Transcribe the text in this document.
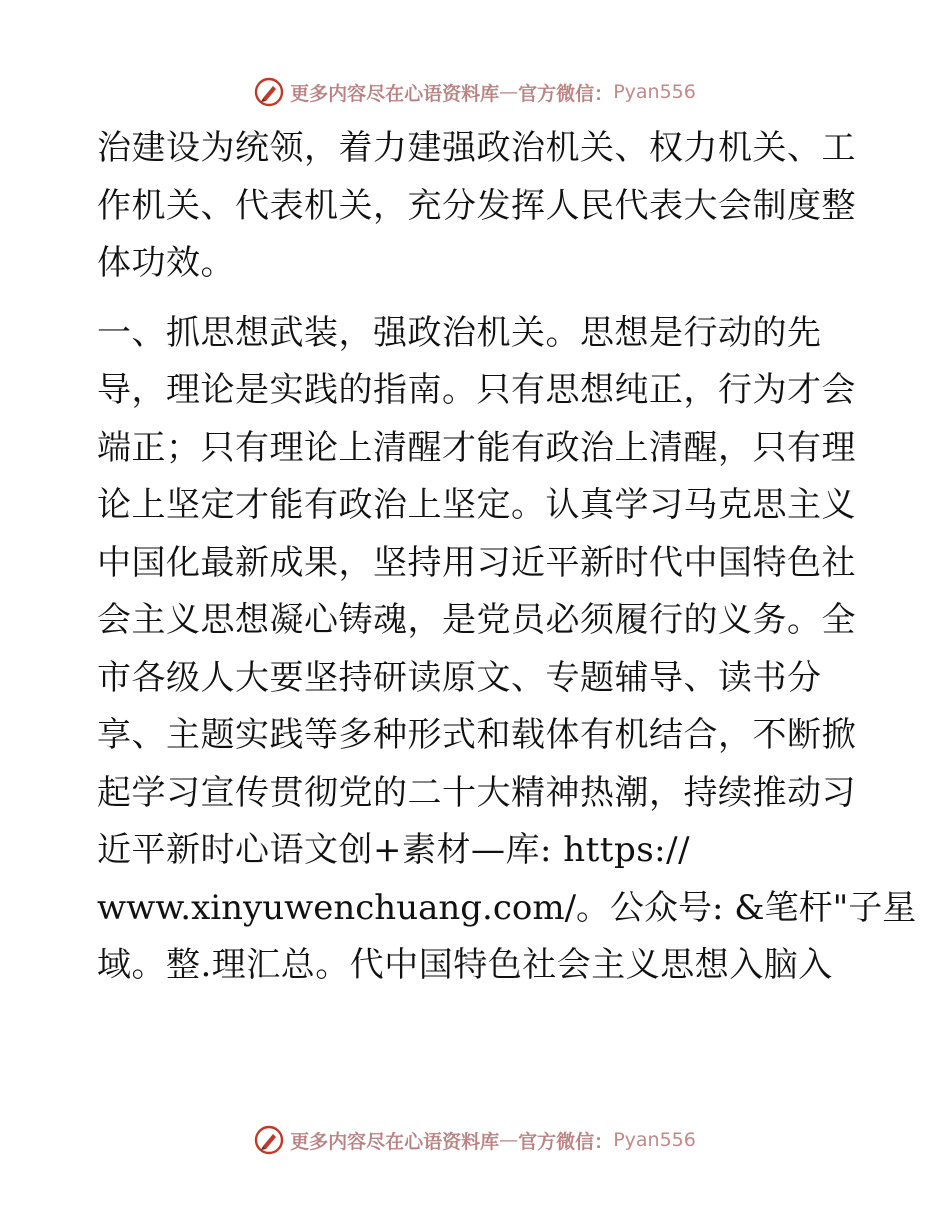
更多内容尽在心语资料库 — 官方微信： Pyan556
治建设为统领，着力建强政治机关、权力机关、工
作机关、代表机关，充分发挥人民代表大会制度整
体功效。
一、抓思想武装，强政治机关。思想是行动的先
导，理论是实践的指南。只有思想纯正，行为才会
端正；只有理论上清醒才能有政治上清醒，只有理
论上坚定才能有政治上坚定。认真学习马克思主义
中国化最新成果，坚持用习近平新时代中国特色社
会主义思想凝心铸魂，是党员必须履行的义务。全
市各级人大要坚持研读原文、专题辅导、读书分
享、主题实践等多种形式和载体有机结合，不断掀
起学习宣传贯彻党的二十大精神热潮，持续推动习
近平新时心语文创+素材—库: https://
www.xinyuwenchuang.com/。公众号: &笔杆"子星
域。整.理汇总。代中国特色社会主义思想入脑入
更多内容尽在心语资料库 — 官方微信： Pyan556
